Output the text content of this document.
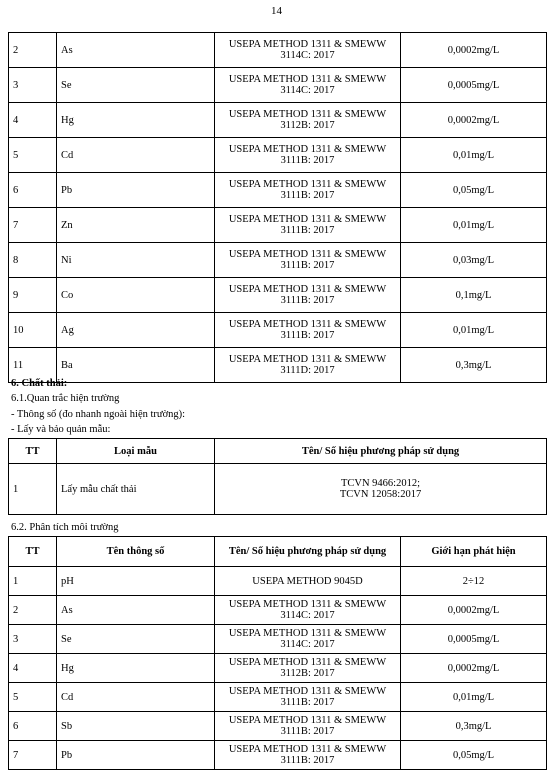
14
2	As	USEPA METHOD 1311 & SMEWW
3114C: 2017	0,0002mg/L
3	Se	USEPA METHOD 1311 & SMEWW
3114C: 2017	0,0005mg/L
4	Hg	USEPA METHOD 1311 & SMEWW
3112B: 2017	0,0002mg/L
5	Cd	USEPA METHOD 1311 & SMEWW
3111B: 2017	0,01mg/L
6	Pb	USEPA METHOD 1311 & SMEWW
3111B: 2017	0,05mg/L
7	Zn	USEPA METHOD 1311 & SMEWW
3111B: 2017	0,01mg/L
8	Ni	USEPA METHOD 1311 & SMEWW
3111B: 2017	0,03mg/L
9	Co	USEPA METHOD 1311 & SMEWW
3111B: 2017	0,1mg/L
10	Ag	USEPA METHOD 1311 & SMEWW
3111B: 2017	0,01mg/L
11	Ba	USEPA METHOD 1311 & SMEWW
3111D: 2017	0,3mg/L
6. Chất thải:
6.1.Quan trắc hiện trường
- Thông số (đo nhanh ngoài hiện trường):
- Lấy và bảo quản mẫu:
TT	Loại mẫu	Tên/ Số hiệu phương pháp sử dụng
1	Lấy mẫu chất thải	TCVN 9466:2012;
TCVN 12058:2017
6.2. Phân tích môi trường
TT	Tên thông số	Tên/ Số hiệu phương pháp sử dụng	Giới hạn phát hiện
1	pH	USEPA METHOD 9045D	2÷12
2	As	USEPA METHOD 1311 & SMEWW
3114C: 2017	0,0002mg/L
3	Se	USEPA METHOD 1311 & SMEWW
3114C: 2017	0,0005mg/L
4	Hg	USEPA METHOD 1311 & SMEWW
3112B: 2017	0,0002mg/L
5	Cd	USEPA METHOD 1311 & SMEWW
3111B: 2017	0,01mg/L
6	Sb	USEPA METHOD 1311 & SMEWW
3111B: 2017	0,3mg/L
7	Pb	USEPA METHOD 1311 & SMEWW
3111B: 2017	0,05mg/L
